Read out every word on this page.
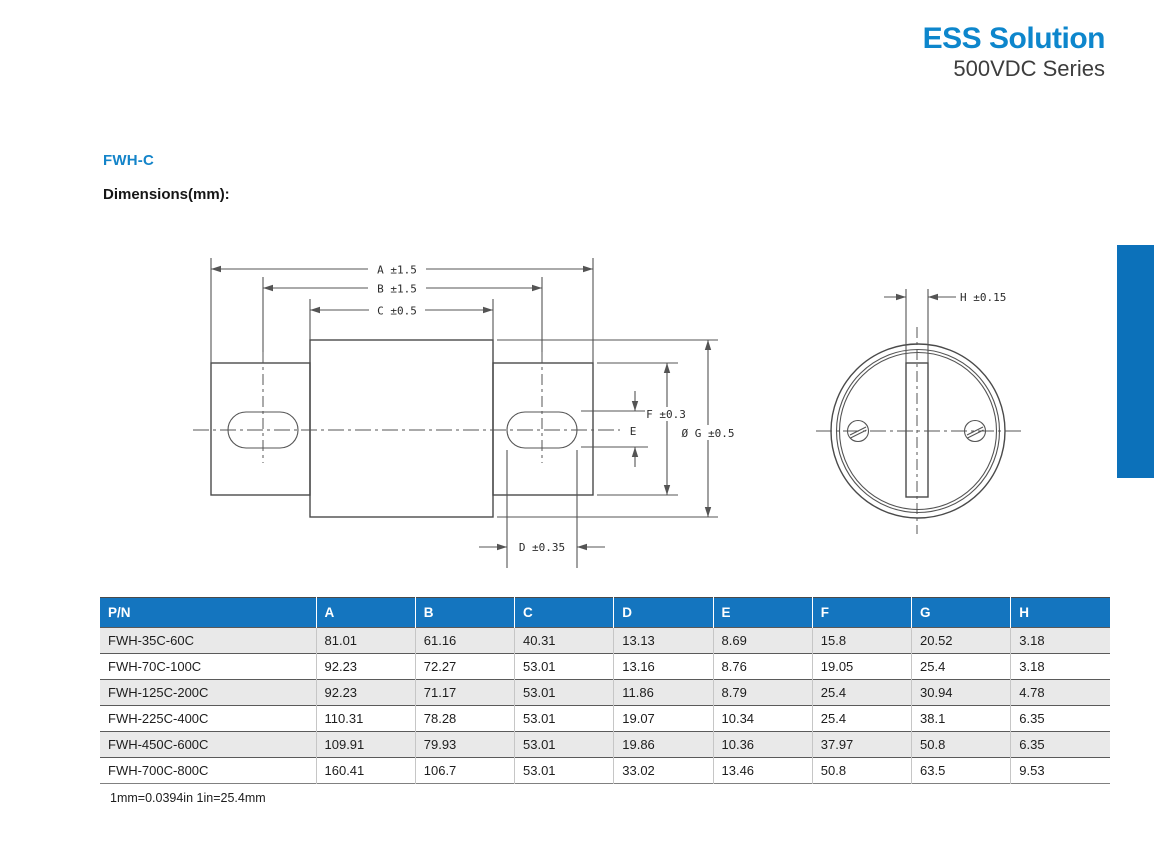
ESS Solution
500VDC Series
FWH-C
Dimensions(mm):
A ±1.5
B ±1.5
C ±0.5
D ±0.35
E
F ±0.3
Ø G ±0.5
H ±0.15
P/N	A	B	C	D	E	F	G	H
FWH-35C-60C	81.01	61.16	40.31	13.13	8.69	15.8	20.52	3.18
FWH-70C-100C	92.23	72.27	53.01	13.16	8.76	19.05	25.4	3.18
FWH-125C-200C	92.23	71.17	53.01	11.86	8.79	25.4	30.94	4.78
FWH-225C-400C	110.31	78.28	53.01	19.07	10.34	25.4	38.1	6.35
FWH-450C-600C	109.91	79.93	53.01	19.86	10.36	37.97	50.8	6.35
FWH-700C-800C	160.41	106.7	53.01	33.02	13.46	50.8	63.5	9.53
1mm=0.0394in 1in=25.4mm
